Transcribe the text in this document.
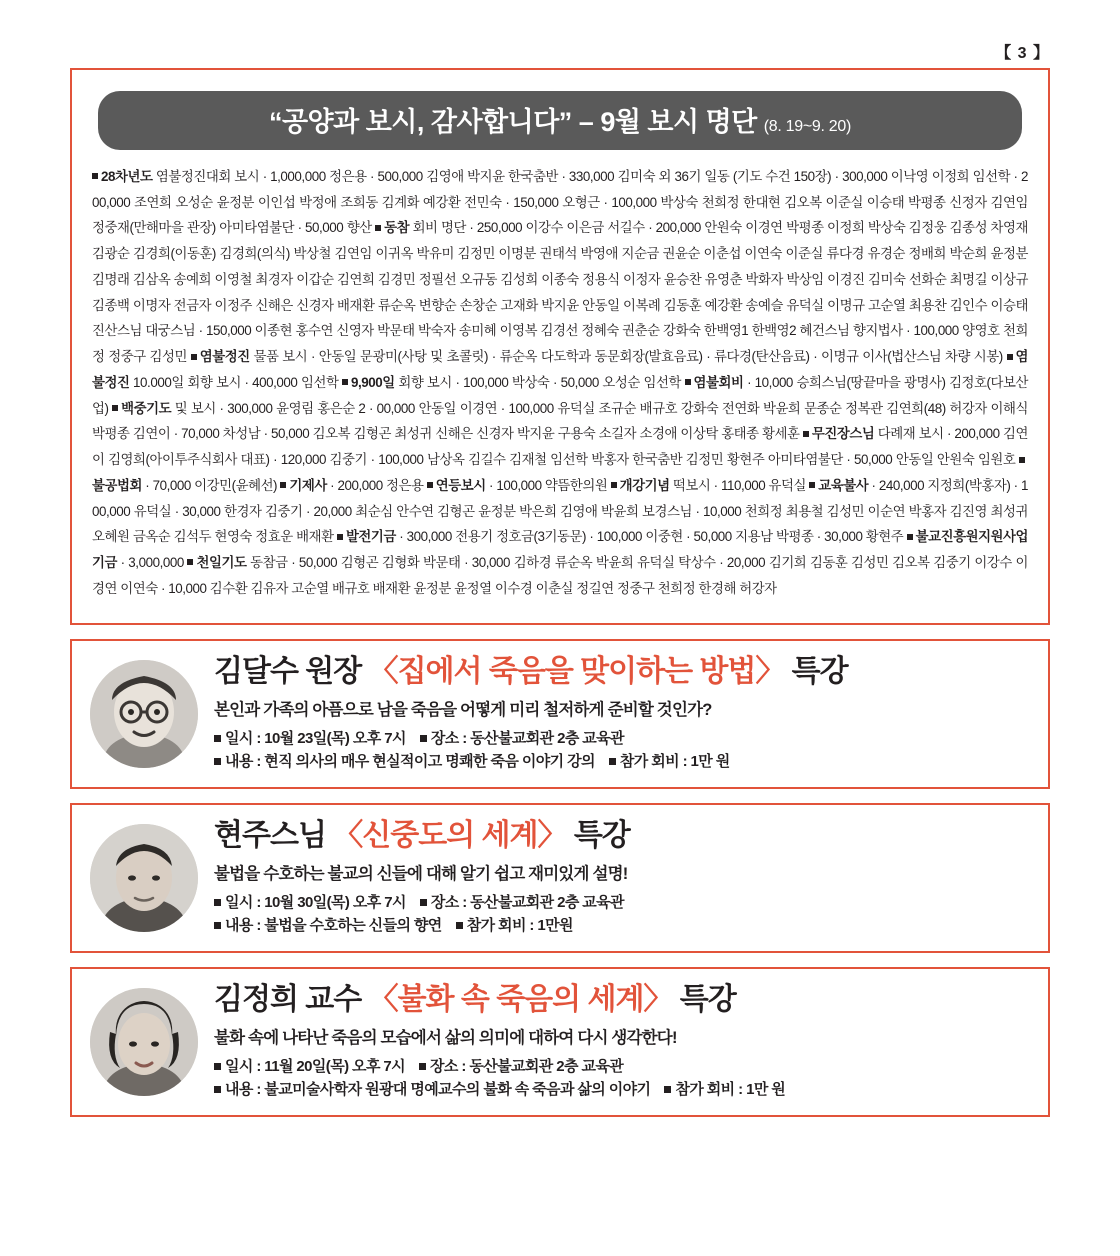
【 3 】
“공양과 보시, 감사합니다” – 9월 보시 명단 (8. 19~9. 20)
28차년도 염불정진대회 보시 · 1,000,000 정은용 · 500,000 김영애 박지윤 한국춤반 · 330,000 김미숙 외 36기 일동 (기도 수건 150장) · 300,000 이낙영 이정희 임선학 · 200,000 조연희 오성순 윤정분 이인섭 박정애 조희동 김계화 예강환 전민숙 · 150,000 오형근 · 100,000 박상숙 천희정 한대현 김오복 이준실 이승태 박평종 신정자 김연임 정중재(만해마을 관장) 아미타염불단 · 50,000 향산 동참 회비 명단 · 250,000 이강수 이은금 서길수 · 200,000 안원숙 이경연 박평종 이정희 박상숙 김정웅 김종성 차영재 김광순 김경희(이동훈) 김경희(의식) 박상철 김연임 이귀옥 박유미 김정민 이명분 권태석 박영애 지순금 권윤순 이춘섭 이연숙 이준실 류다경 유경순 정배희 박순희 윤정분 김명래 김삼옥 송예희 이영철 최경자 이갑순 김연희 김경민 정필선 오규동 김성희 이종숙 정용식 이정자 윤승찬 유영춘 박화자 박상임 이경진 김미숙 선화순 최명길 이상규 김종백 이명자 전금자 이정주 신해은 신경자 배재환 류순옥 변향순 손창순 고재화 박지윤 안동일 이복례 김동훈 예강환 송예슬 유덕실 이명규 고순열 최용찬 김인수 이승태 진산스님 대궁스님 · 150,000 이종현 홍수연 신영자 박문태 박숙자 송미혜 이영복 김경선 정혜숙 권춘순 강화숙 한백영1 한백영2 혜건스님 향지법사 · 100,000 양영호 천희정 정중구 김성민 염불정진 물품 보시 · 안동일 문광미(사탕 및 초콜릿) · 류순옥 다도학과 동문회장(발효음료) · 류다경(탄산음료) · 이명규 이사(법산스님 차량 시봉) 염불정진 10.000일 회향 보시 · 400,000 임선학 9,900일 회향 보시 · 100,000 박상숙 · 50,000 오성순 임선학 염불회비 · 10,000 승희스님(땅끝마을 광명사) 김정호(다보산업) 백중기도 및 보시 · 300,000 윤영림 홍은순 2 · 00,000 안동일 이경연 · 100,000 유덕실 조규순 배규호 강화숙 전연화 박윤희 문종순 정복관 김연희(48) 허강자 이해식 박평종 김연이 · 70,000 차성남 · 50,000 김오복 김형곤 최성귀 신해은 신경자 박지윤 구용숙 소길자 소경애 이상탁 홍태종 황세훈 무진장스님 다례재 보시 · 200,000 김연이 김영희(아이투주식회사 대표) · 120,000 김중기 · 100,000 남상옥 김길수 김재철 임선학 박홍자 한국춤반 김정민 황현주 아미타염불단 · 50,000 안동일 안원숙 임원호 불공법회 · 70,000 이강민(윤혜선) 기제사 · 200,000 정은용 연등보시 · 100,000 약뜸한의원 개강기념 떡보시 · 110,000 유덕실 교육불사 · 240,000 지정희(박홍자) · 100,000 유덕실 · 30,000 한경자 김중기 · 20,000 최순심 안수연 김형곤 윤정분 박은희 김영애 박윤희 보경스님 · 10,000 천희정 최용철 김성민 이순연 박홍자 김진영 최성귀 오혜원 금옥순 김석두 현영숙 정효운 배재환 발전기금 · 300,000 전용기 정호금(3기동문) · 100,000 이중현 · 50,000 지용남 박평종 · 30,000 황현주 불교진흥원지원사업기금 · 3,000,000 천일기도 동참금 · 50,000 김형곤 김형화 박문태 · 30,000 김하경 류순옥 박윤희 유덕실 탁상수 · 20,000 김기희 김동훈 김성민 김오복 김중기 이강수 이경연 이연숙 · 10,000 김수환 김유자 고순열 배규호 배재환 윤정분 윤정열 이수경 이춘실 정길연 정중구 천희정 한경해 허강자
김달수 원장 〈집에서 죽음을 맞이하는 방법〉 특강
본인과 가족의 아픔으로 남을 죽음을 어떻게 미리 철저하게 준비할 것인가?
일시 : 10월 23일(목) 오후 7시 장소 : 동산불교회관 2층 교육관
내용 : 현직 의사의 매우 현실적이고 명쾌한 죽음 이야기 강의 참가 회비 : 1만 원
현주스님 〈신중도의 세계〉 특강
불법을 수호하는 불교의 신들에 대해 알기 쉽고 재미있게 설명!
일시 : 10월 30일(목) 오후 7시 장소 : 동산불교회관 2층 교육관
내용 : 불법을 수호하는 신들의 향연 참가 회비 : 1만원
김정희 교수 〈불화 속 죽음의 세계〉 특강
불화 속에 나타난 죽음의 모습에서 삶의 의미에 대하여 다시 생각한다!
일시 : 11월 20일(목) 오후 7시 장소 : 동산불교회관 2층 교육관
내용 : 불교미술사학자 원광대 명예교수의 불화 속 죽음과 삶의 이야기 참가 회비 : 1만 원
